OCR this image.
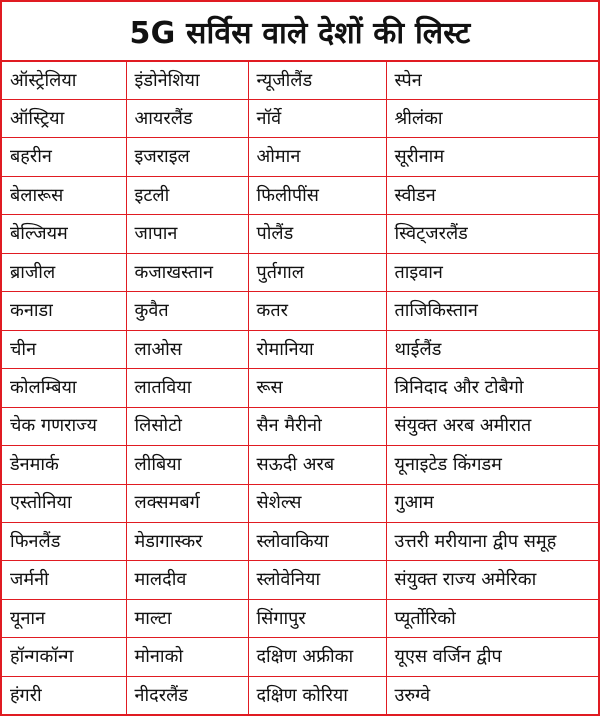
5G सर्विस वाले देशों की लिस्ट
ऑस्ट्रेलिया	इंडोनेशिया	न्यूजीलैंड	स्पेन
ऑस्ट्रिया	आयरलैंड	नॉर्वे	श्रीलंका
बहरीन	इजराइल	ओमान	सूरीनाम
बेलारूस	इटली	फिलीपींस	स्वीडन
बेल्जियम	जापान	पोलैंड	स्विट्जरलैंड
ब्राजील	कजाखस्तान	पुर्तगाल	ताइवान
कनाडा	कुवैत	कतर	ताजिकिस्तान
चीन	लाओस	रोमानिया	थाईलैंड
कोलम्बिया	लातविया	रूस	त्रिनिदाद और टोबैगो
चेक गणराज्य	लिसोटो	सैन मैरीनो	संयुक्त अरब अमीरात
डेनमार्क	लीबिया	सऊदी अरब	यूनाइटेड किंगडम
एस्तोनिया	लक्समबर्ग	सेशेल्स	गुआम
फिनलैंड	मेडागास्कर	स्लोवाकिया	उत्तरी मरीयाना द्वीप समूह
जर्मनी	मालदीव	स्लोवेनिया	संयुक्त राज्य अमेरिका
यूनान	माल्टा	सिंगापुर	प्यूर्तोरिको
हॉन्गकॉन्ग	मोनाको	दक्षिण अफ्रीका	यूएस वर्जिन द्वीप
हंगरी	नीदरलैंड	दक्षिण कोरिया	उरुग्वे
